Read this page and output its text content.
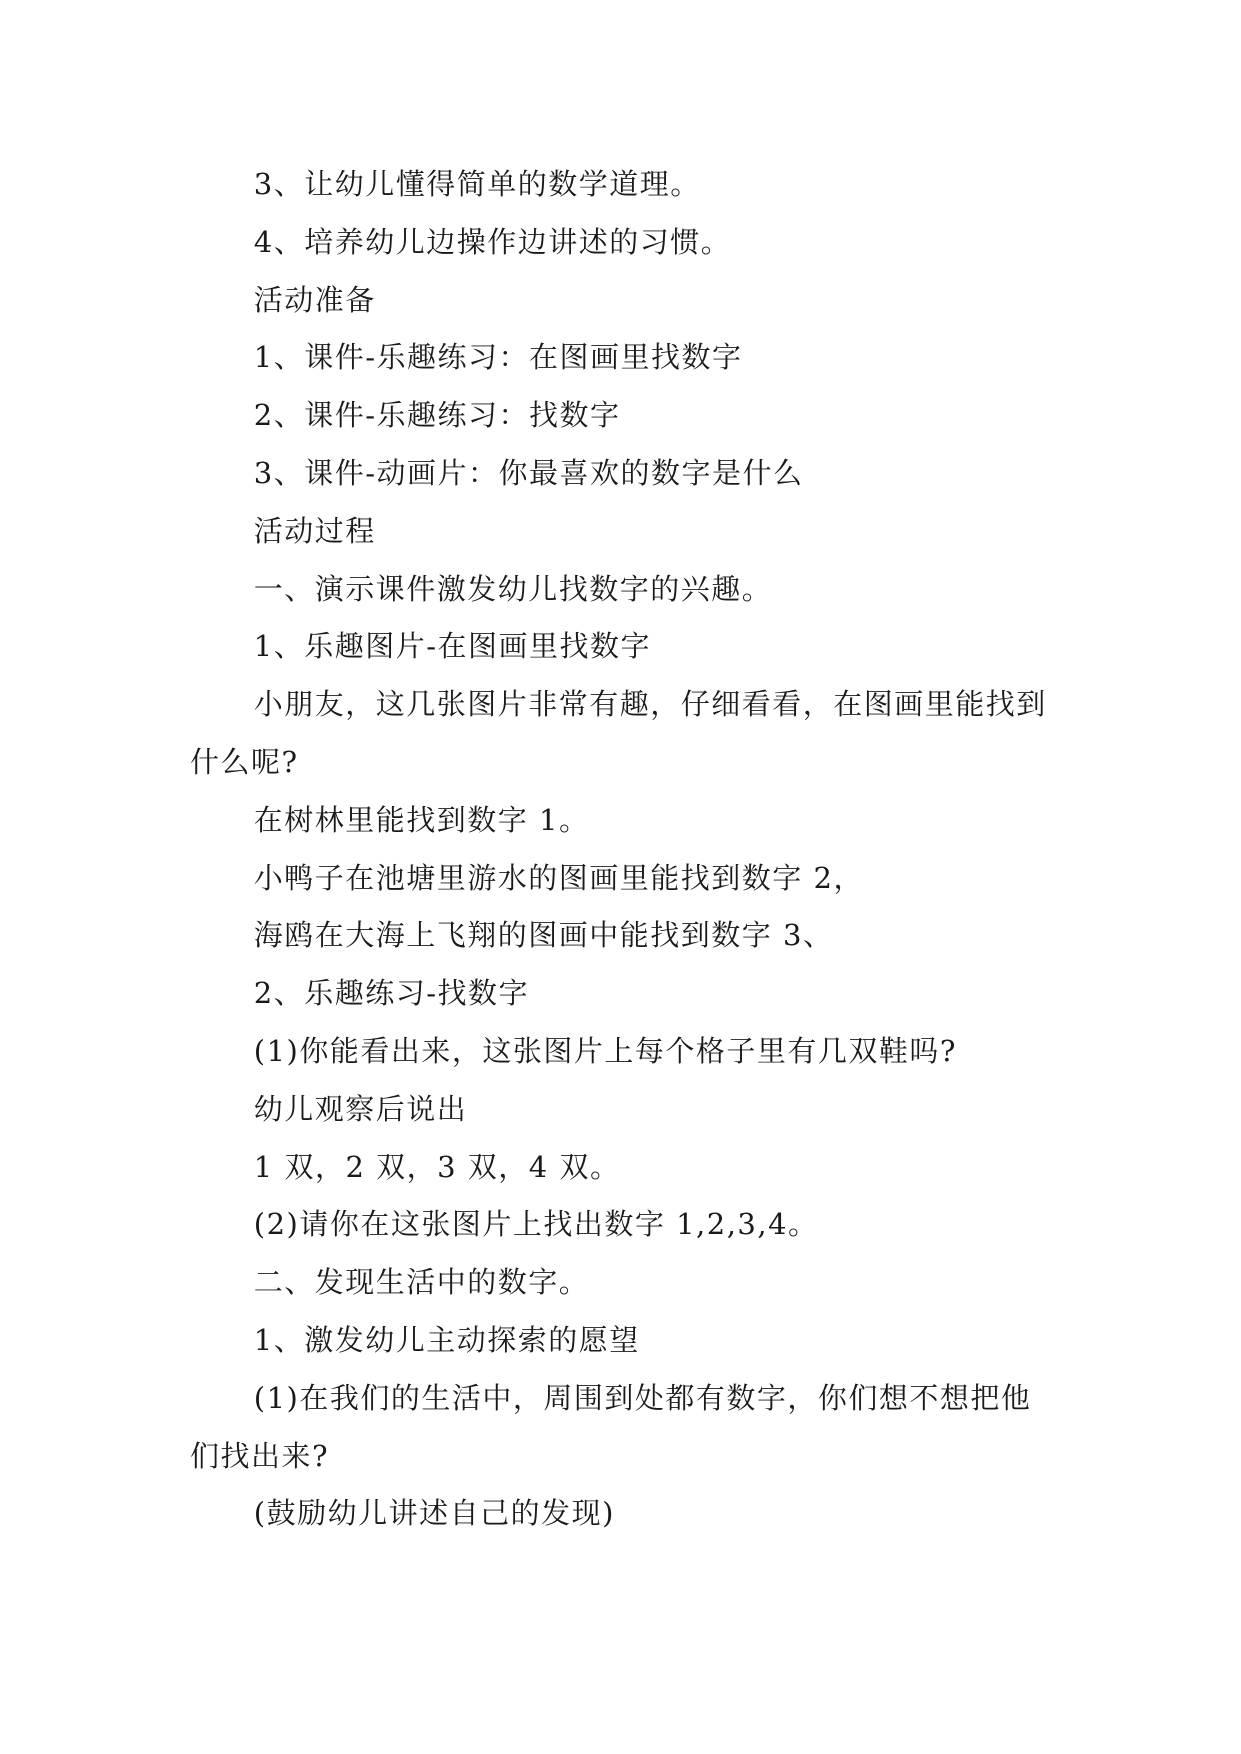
3、让幼儿懂得简单的数学道理。

4、培养幼儿边操作边讲述的习惯。

活动准备

1、课件-乐趣练习：在图画里找数字

2、课件-乐趣练习：找数字

3、课件-动画片：你最喜欢的数字是什么

活动过程

一、演示课件激发幼儿找数字的兴趣。

1、乐趣图片-在图画里找数字

小朋友，这几张图片非常有趣，仔细看看，在图画里能找到什么呢?

在树林里能找到数字 1。

小鸭子在池塘里游水的图画里能找到数字 2，

海鸥在大海上飞翔的图画中能找到数字 3、

2、乐趣练习-找数字

(1)你能看出来，这张图片上每个格子里有几双鞋吗?

幼儿观察后说出

1 双，2 双，3 双，4 双。

(2)请你在这张图片上找出数字 1,2,3,4。

二、发现生活中的数字。

1、激发幼儿主动探索的愿望

(1)在我们的生活中，周围到处都有数字，你们想不想把他们找出来?

(鼓励幼儿讲述自己的发现)
